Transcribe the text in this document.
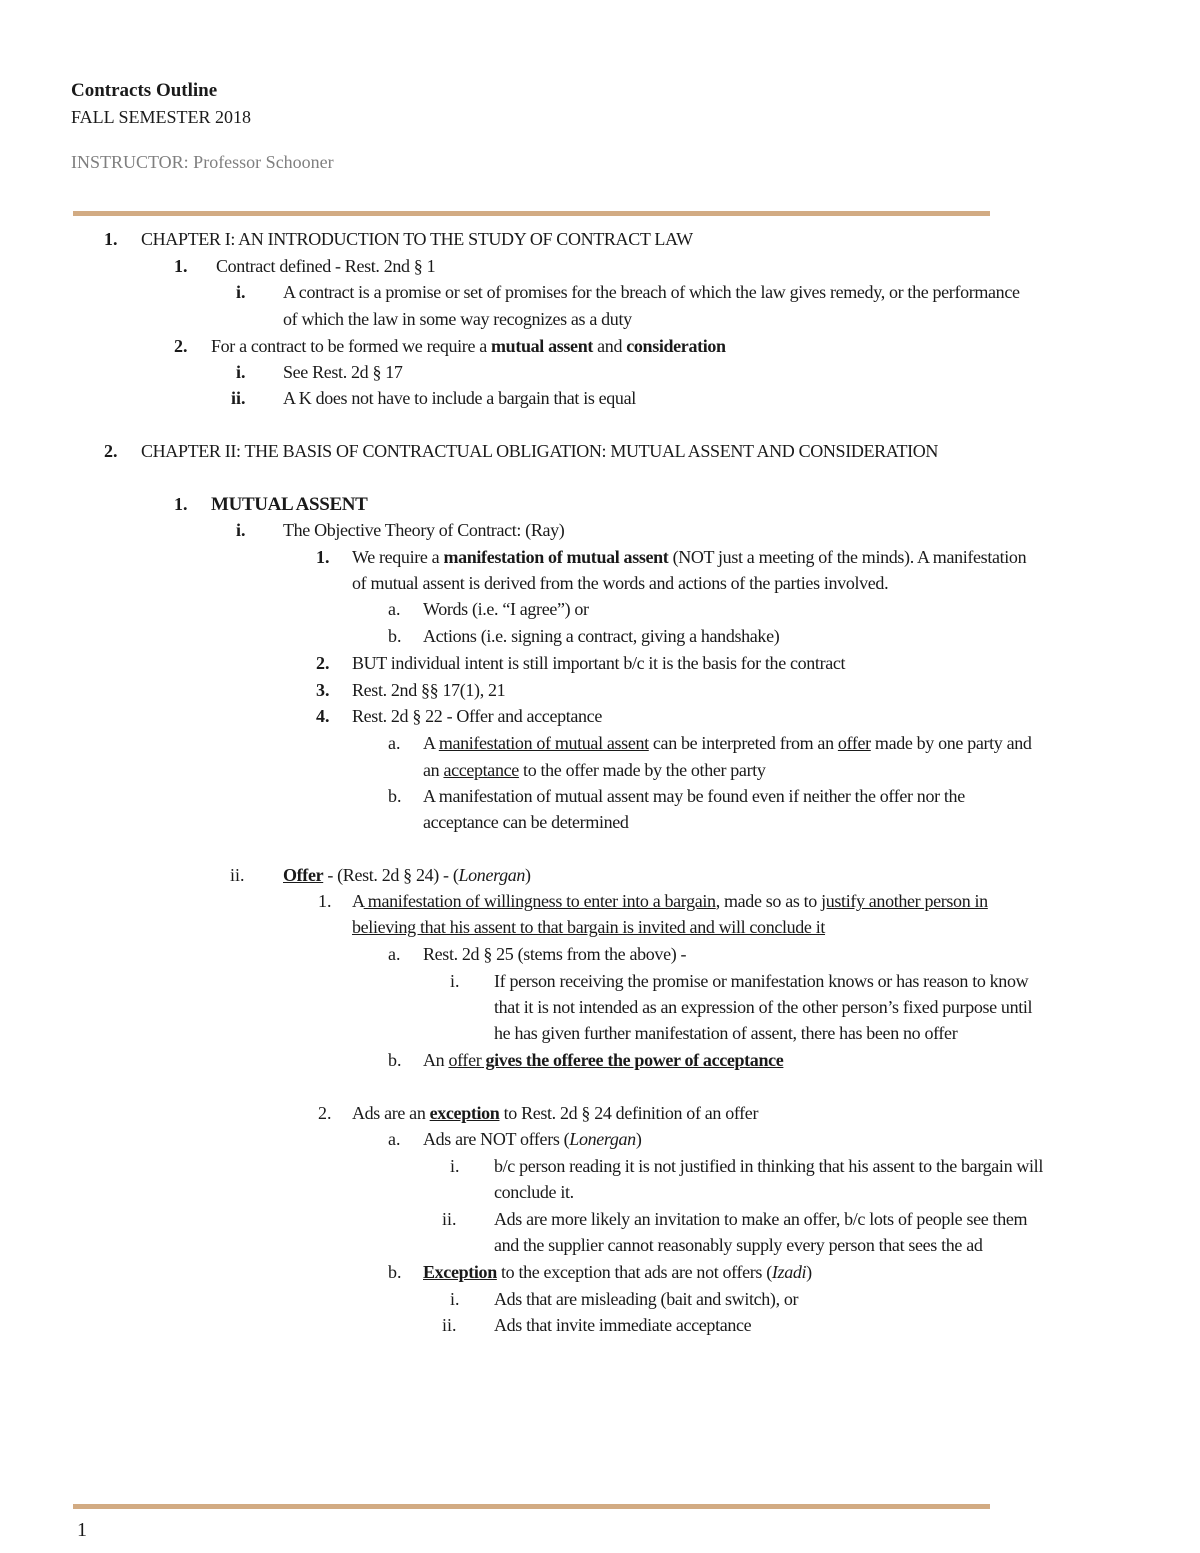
Contracts Outline
FALL SEMESTER 2018
INSTRUCTOR: Professor Schooner
1. CHAPTER I: AN INTRODUCTION TO THE STUDY OF CONTRACT LAW
1. Contract defined - Rest. 2nd § 1
i. A contract is a promise or set of promises for the breach of which the law gives remedy, or the performance
of which the law in some way recognizes as a duty
2. For a contract to be formed we require a mutual assent and consideration
i. See Rest. 2d § 17
ii. A K does not have to include a bargain that is equal
2. CHAPTER II: THE BASIS OF CONTRACTUAL OBLIGATION: MUTUAL ASSENT AND CONSIDERATION
1. MUTUAL ASSENT
i. The Objective Theory of Contract: (Ray)
1. We require a manifestation of mutual assent (NOT just a meeting of the minds). A manifestation
of mutual assent is derived from the words and actions of the parties involved.
a. Words (i.e. “I agree”) or
b. Actions (i.e. signing a contract, giving a handshake)
2. BUT individual intent is still important b/c it is the basis for the contract
3. Rest. 2nd §§ 17(1), 21
4. Rest. 2d § 22 - Offer and acceptance
a. A manifestation of mutual assent can be interpreted from an offer made by one party and
an acceptance to the offer made by the other party
b. A manifestation of mutual assent may be found even if neither the offer nor the
acceptance can be determined
ii. Offer - (Rest. 2d § 24) - (Lonergan)
1. A manifestation of willingness to enter into a bargain, made so as to justify another person in
believing that his assent to that bargain is invited and will conclude it
a. Rest. 2d § 25 (stems from the above) -
i. If person receiving the promise or manifestation knows or has reason to know
that it is not intended as an expression of the other person’s fixed purpose until
he has given further manifestation of assent, there has been no offer
b. An offer gives the offeree the power of acceptance
2. Ads are an exception to Rest. 2d § 24 definition of an offer
a. Ads are NOT offers (Lonergan)
i. b/c person reading it is not justified in thinking that his assent to the bargain will
conclude it.
ii. Ads are more likely an invitation to make an offer, b/c lots of people see them
and the supplier cannot reasonably supply every person that sees the ad
b. Exception to the exception that ads are not offers (Izadi)
i. Ads that are misleading (bait and switch), or
ii. Ads that invite immediate acceptance
1
